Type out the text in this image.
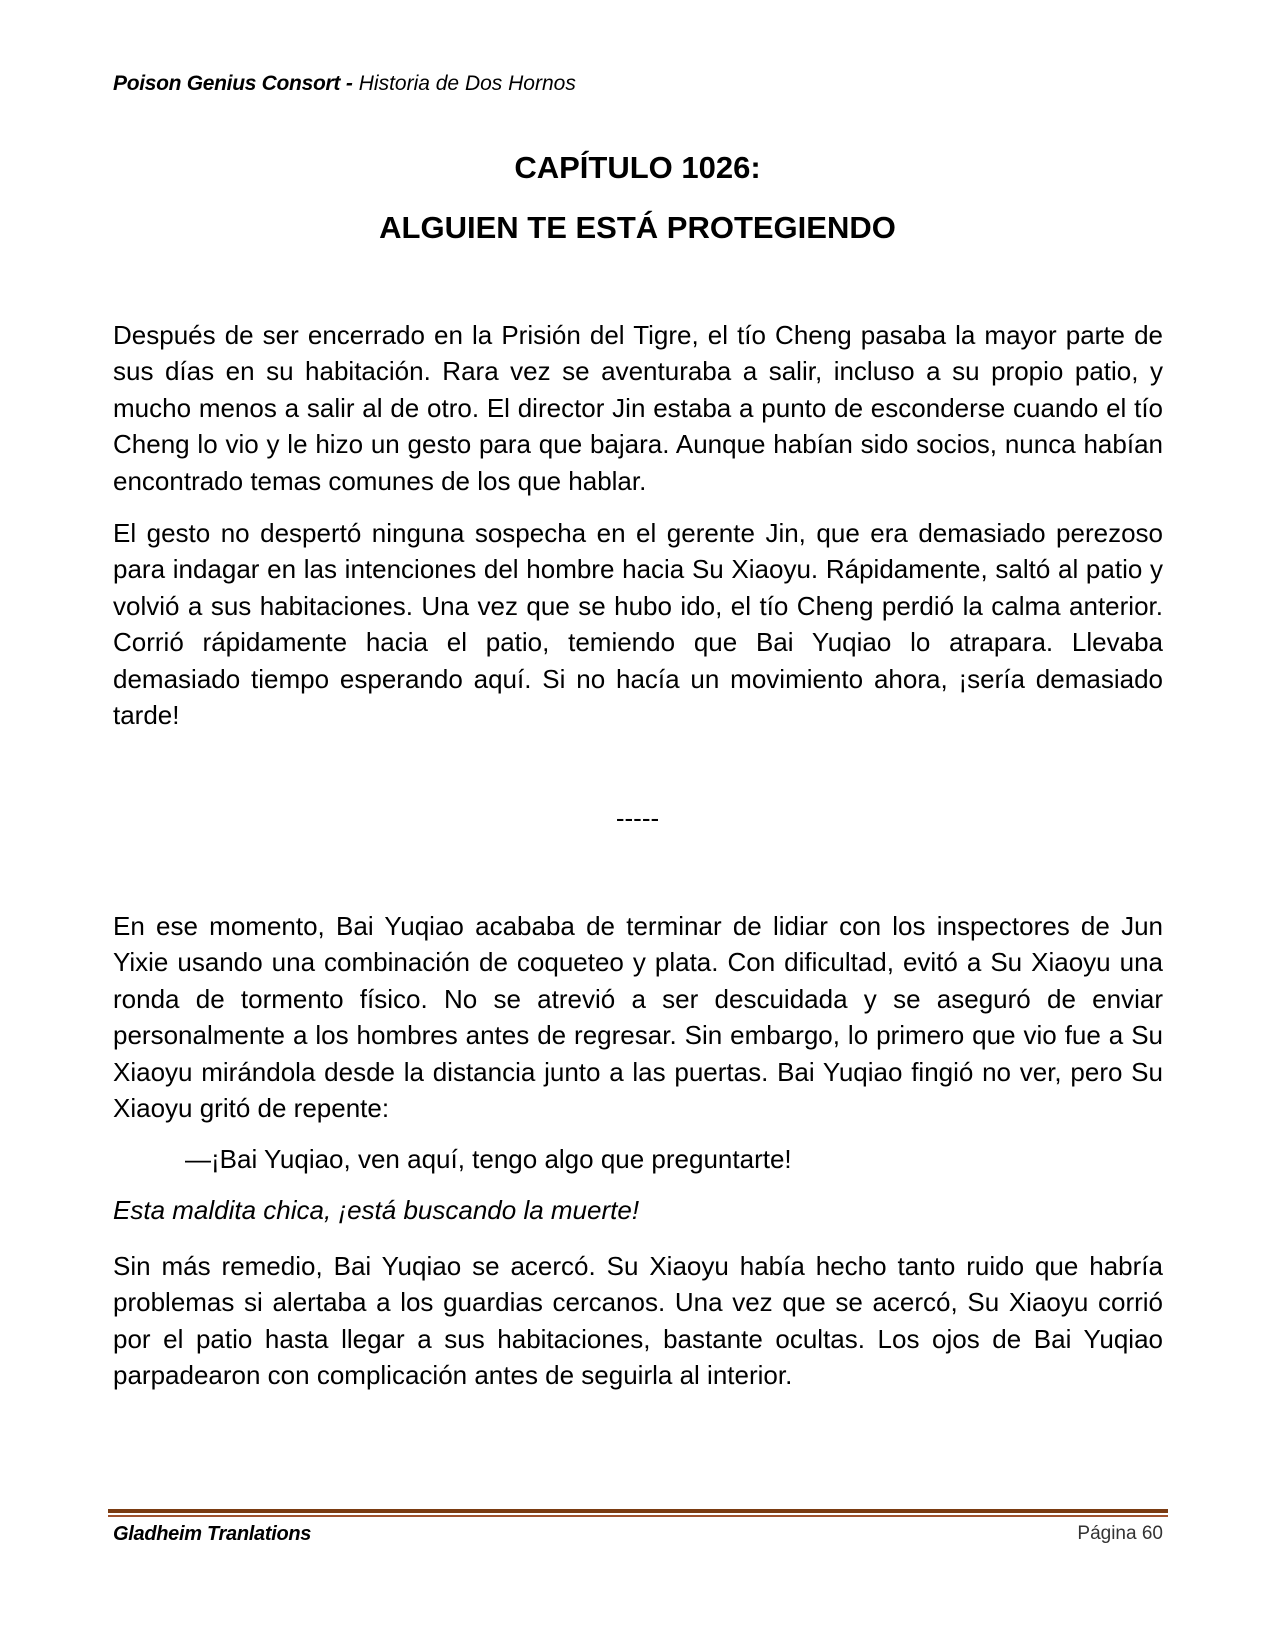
Poison Genius Consort - Historia de Dos Hornos
CAPÍTULO 1026:
ALGUIEN TE ESTÁ PROTEGIENDO

Después de ser encerrado en la Prisión del Tigre, el tío Cheng pasaba la mayor parte de sus días en su habitación. Rara vez se aventuraba a salir, incluso a su propio patio, y mucho menos a salir al de otro. El director Jin estaba a punto de esconderse cuando el tío Cheng lo vio y le hizo un gesto para que bajara. Aunque habían sido socios, nunca habían encontrado temas comunes de los que hablar.

El gesto no despertó ninguna sospecha en el gerente Jin, que era demasiado perezoso para indagar en las intenciones del hombre hacia Su Xiaoyu. Rápidamente, saltó al patio y volvió a sus habitaciones. Una vez que se hubo ido, el tío Cheng perdió la calma anterior. Corrió rápidamente hacia el patio, temiendo que Bai Yuqiao lo atrapara. Llevaba demasiado tiempo esperando aquí. Si no hacía un movimiento ahora, ¡sería demasiado tarde!

-----

En ese momento, Bai Yuqiao acababa de terminar de lidiar con los inspectores de Jun Yixie usando una combinación de coqueteo y plata. Con dificultad, evitó a Su Xiaoyu una ronda de tormento físico. No se atrevió a ser descuidada y se aseguró de enviar personalmente a los hombres antes de regresar. Sin embargo, lo primero que vio fue a Su Xiaoyu mirándola desde la distancia junto a las puertas. Bai Yuqiao fingió no ver, pero Su Xiaoyu gritó de repente:

—¡Bai Yuqiao, ven aquí, tengo algo que preguntarte!
Esta maldita chica, ¡está buscando la muerte!

Sin más remedio, Bai Yuqiao se acercó. Su Xiaoyu había hecho tanto ruido que habría problemas si alertaba a los guardias cercanos. Una vez que se acercó, Su Xiaoyu corrió por el patio hasta llegar a sus habitaciones, bastante ocultas. Los ojos de Bai Yuqiao parpadearon con complicación antes de seguirla al interior.

Gladheim Tranlations	Página 60
